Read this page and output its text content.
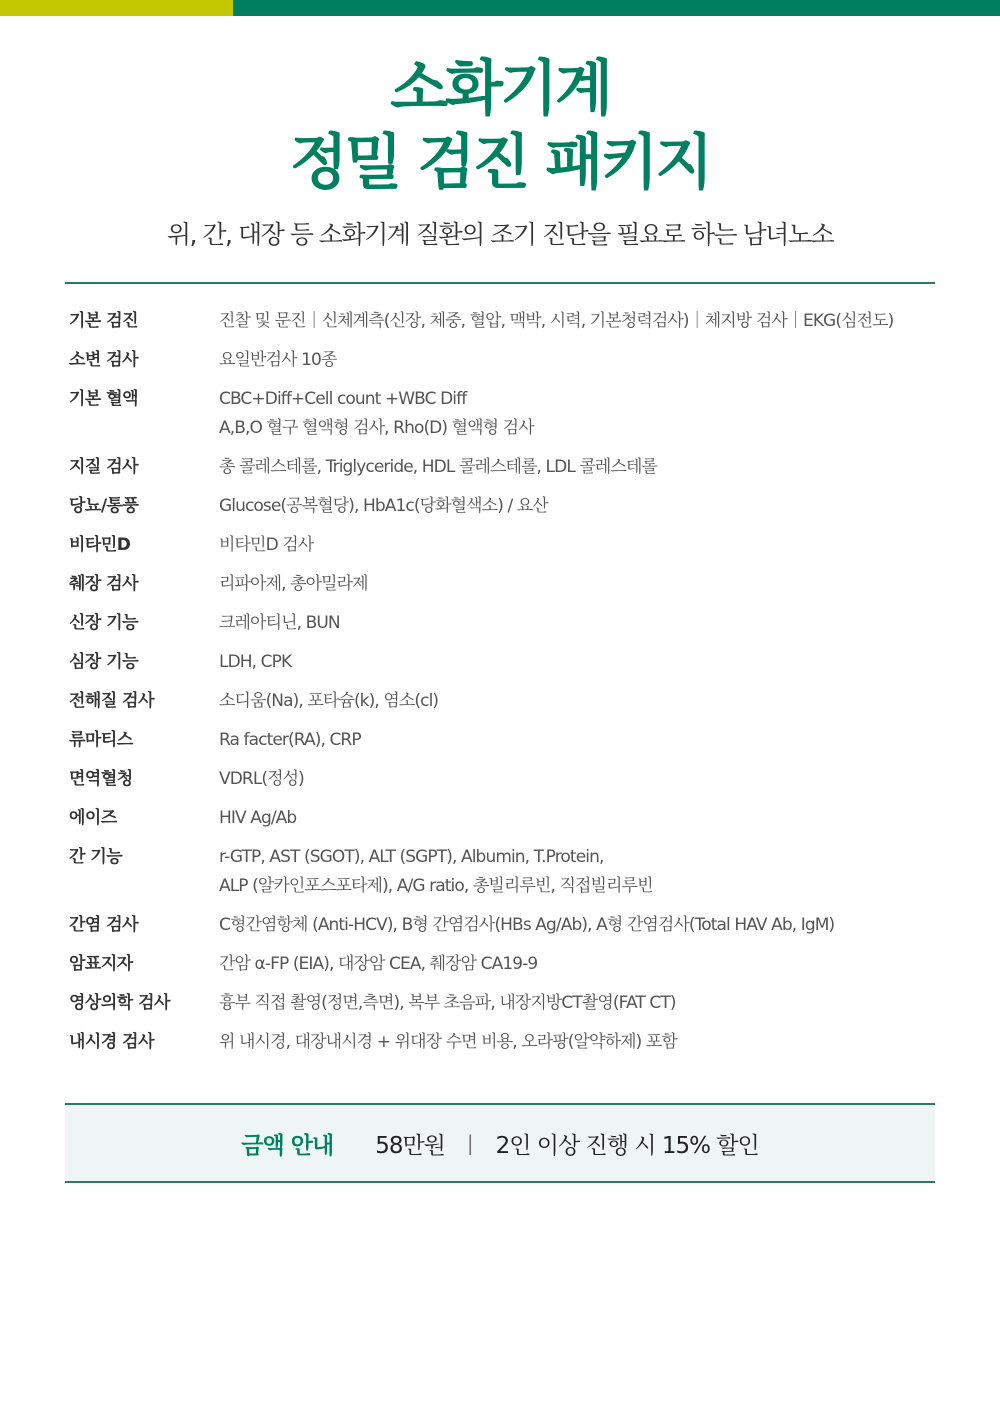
소화기계
정밀 검진 패키지
위, 간, 대장 등 소화기계 질환의 조기 진단을 필요로 하는 남녀노소
기본 검진	진찰 및 문진｜신체계측(신장, 체중, 혈압, 맥박, 시력, 기본청력검사)｜체지방 검사｜EKG(심전도)
소변 검사	요일반검사 10종
기본 혈액	CBC+Diff+Cell count +WBC Diff
A,B,O 혈구 혈액형 검사, Rho(D) 혈액형 검사
지질 검사	총 콜레스테롤, Triglyceride, HDL 콜레스테롤, LDL 콜레스테롤
당뇨/통풍	Glucose(공복혈당), HbA1c(당화혈색소) / 요산
비타민D	비타민D 검사
췌장 검사	리파아제, 총아밀라제
신장 기능	크레아티닌, BUN
심장 기능	LDH, CPK
전해질 검사	소디움(Na), 포타슘(k), 염소(cl)
류마티스	Ra facter(RA), CRP
면역혈청	VDRL(정성)
에이즈	HIV Ag/Ab
간 기능	r-GTP, AST (SGOT), ALT (SGPT), Albumin, T.Protein,
ALP (알카인포스포타제), A/G ratio, 총빌리루빈, 직접빌리루빈
간염 검사	C형간염항체 (Anti-HCV), B형 간염검사(HBs Ag/Ab), A형 간염검사(Total HAV Ab, IgM)
암표지자	간암 α-FP (EIA), 대장암 CEA, 췌장암 CA19-9
영상의학 검사	흉부 직접 촬영(정면,측면), 복부 초음파, 내장지방CT촬영(FAT CT)
내시경 검사	위 내시경, 대장내시경 + 위대장 수면 비용, 오라팡(알약하제) 포함
금액 안내 58만원 | 2인 이상 진행 시 15% 할인
